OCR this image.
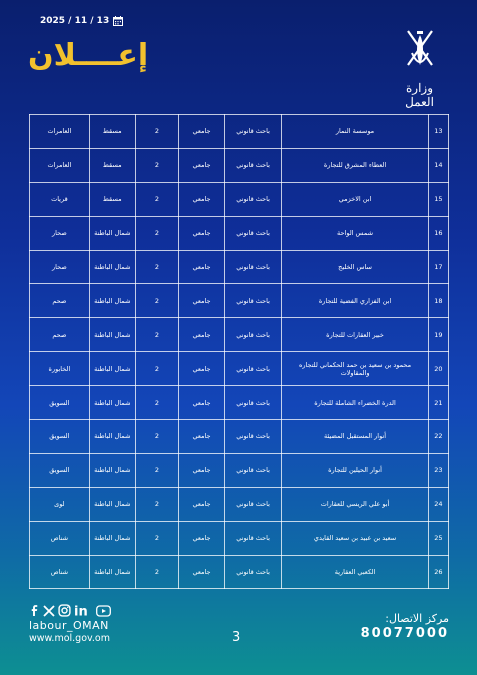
2025 / 11 / 13
إعــــلان
وزارة العمل
العامرات	مسقط	2	جامعي	باحث قانوني	موسسة النمار	13
العامرات	مسقط	2	جامعي	باحث قانوني	العطاء المشرق للتجارة	14
قريات	مسقط	2	جامعي	باحث قانوني	ابن الاخزمي	15
صحار	شمال الباطنة	2	جامعي	باحث قانوني	شمس الواحة	16
صحار	شمال الباطنة	2	جامعي	باحث قانوني	ساس الخليج	17
صحم	شمال الباطنة	2	جامعي	باحث قانوني	ابن الفزاري الفضية للتجارة	18
صحم	شمال الباطنة	2	جامعي	باحث قانوني	خبير العقارات للتجارة	19
الخابورة	شمال الباطنة	2	جامعي	باحث قانوني	محمود بن سعيد بن حمد الحكماني للتجاره والمقاولات	20
السويق	شمال الباطنة	2	جامعي	باحث قانوني	الدرة الخضراء الشاملة للتجارة	21
السويق	شمال الباطنة	2	جامعي	باحث قانوني	أنوار المستقبل المضيئة	22
السويق	شمال الباطنة	2	جامعي	باحث قانوني	أنوار الحيلين للتجارة	23
لوى	شمال الباطنة	2	جامعي	باحث قانوني	أبو علي الريسي للعقارات	24
شناص	شمال الباطنة	2	جامعي	باحث قانوني	سعيد بن عبيد بن سعيد القايدي	25
شناص	شمال الباطنة	2	جامعي	باحث قانوني	الكعبي العقارية	26
in
labour_OMAN
www.mol.gov.om	3
مركز الاتصال:
80077000
